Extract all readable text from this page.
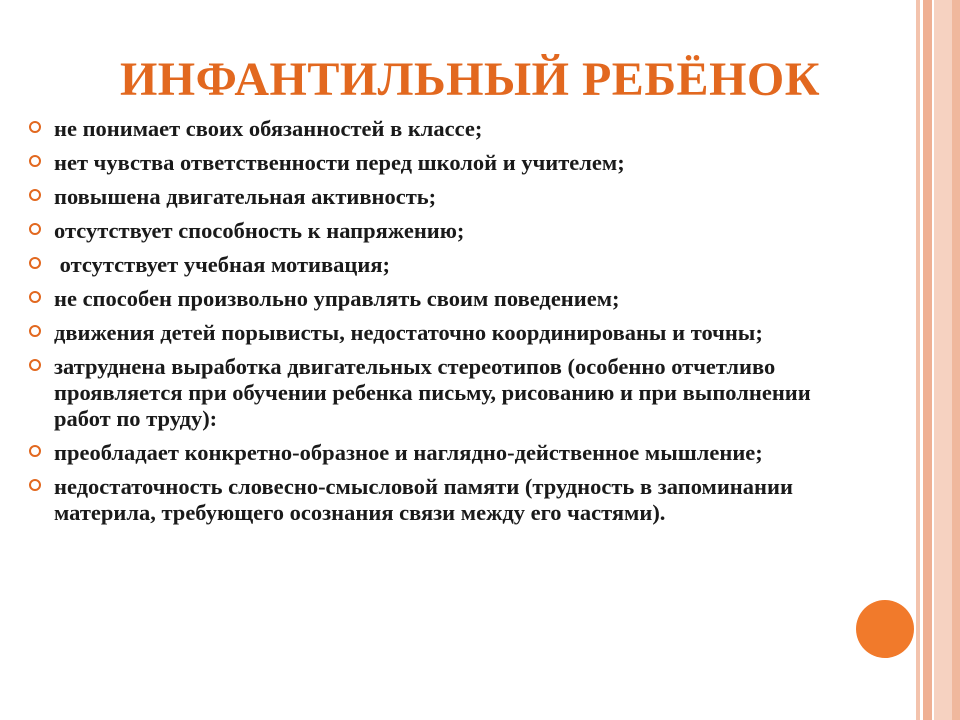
ИНФАНТИЛЬНЫЙ РЕБЁНОК
не понимает своих обязанностей в классе;
нет чувства ответственности перед школой и учителем;
повышена двигательная активность;
отсутствует способность к напряжению;
отсутствует учебная мотивация;
не способен произвольно управлять своим поведением;
движения детей порывисты, недостаточно координированы и точны;
затруднена выработка двигательных стереотипов (особенно отчетливо проявляется при обучении ребенка письму, рисованию и при выполнении работ по труду):
преобладает конкретно-образное и наглядно-действенное мышление;
недостаточность словесно-смысловой памяти (трудность в запоминании  материла, требующего осознания связи между его частями).
